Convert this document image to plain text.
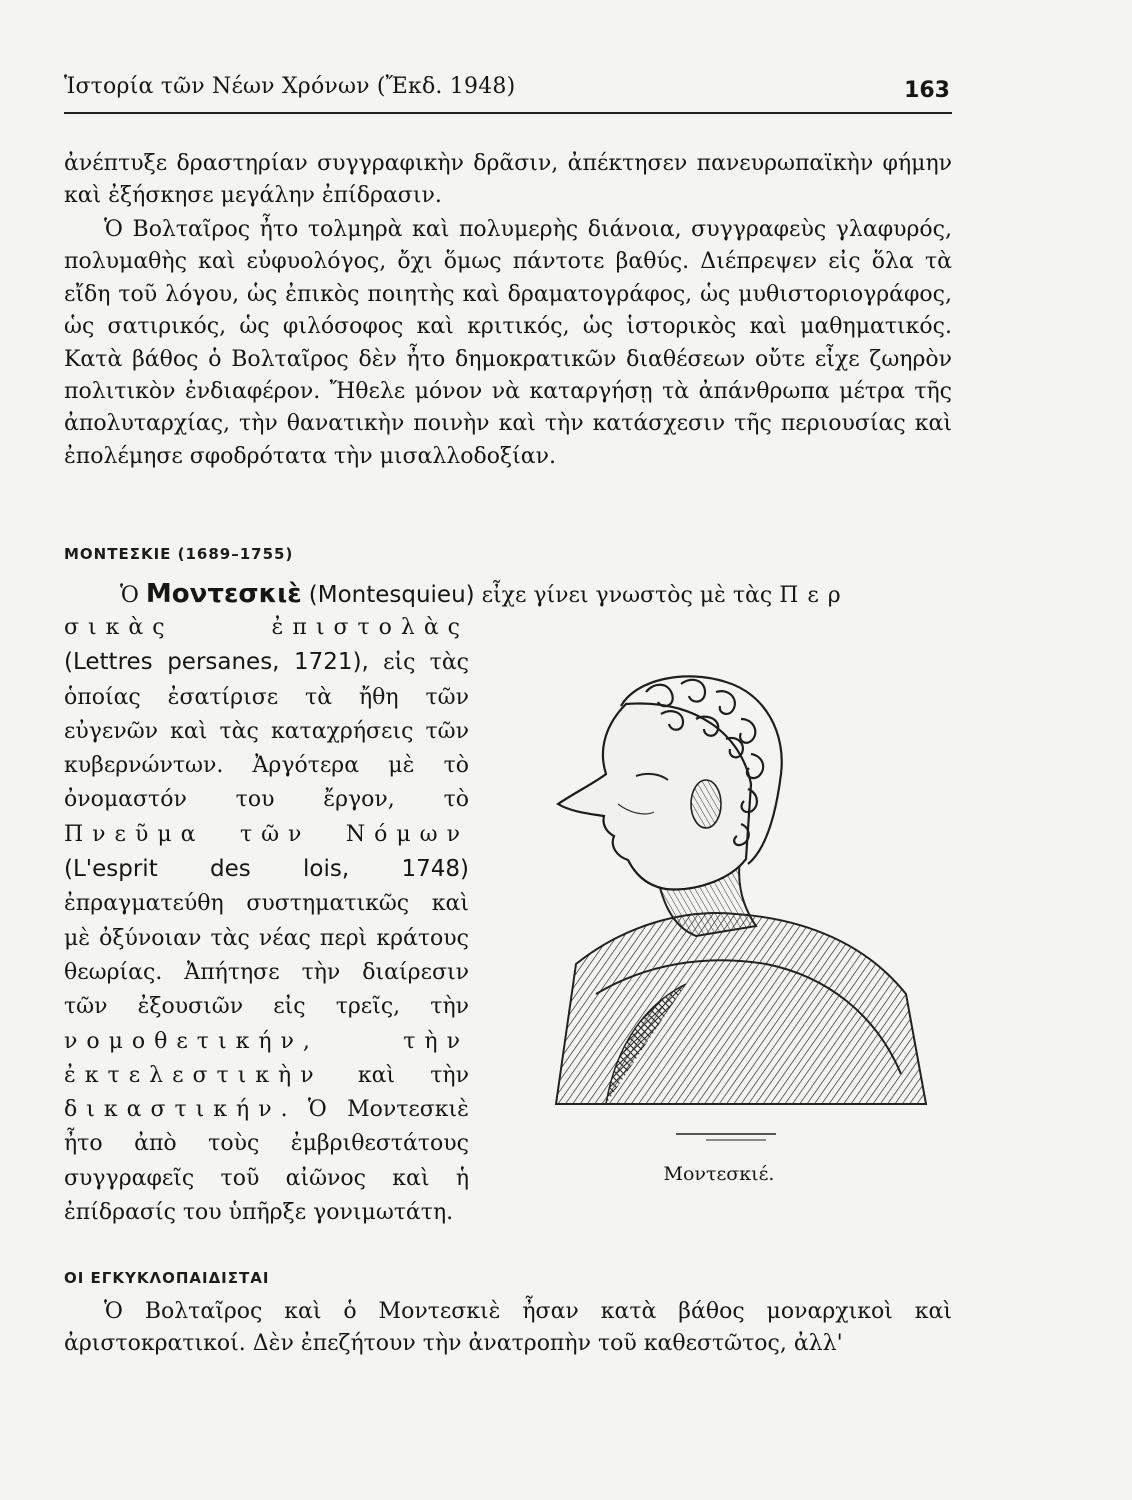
Ἱστορία τῶν Νέων Χρόνων (Ἔκδ. 1948)	163

ἀνέπτυξε δραστηρίαν συγγραφικὴν δρᾶσιν, ἀπέκτησεν πανευρωπαϊκὴν φήμην καὶ ἐξήσκησε μεγάλην ἐπίδρασιν.

Ὁ Βολταῖρος ἦτο τολμηρὰ καὶ πολυμερὴς διάνοια, συγγραφεὺς γλαφυρός, πολυμαθὴς καὶ εὐφυολόγος, ὄχι ὅμως πάντοτε βαθύς. Διέπρεψεν εἰς ὅλα τὰ εἴδη τοῦ λόγου, ὡς ἐπικὸς ποιητὴς καὶ δραματογράφος, ὡς μυθιστοριογράφος, ὡς σατιρικός, ὡς φιλόσοφος καὶ κριτικός, ὡς ἱστορικὸς καὶ μαθηματικός. Κατὰ βάθος ὁ Βολταῖρος δὲν ἦτο δημοκρατικῶν διαθέσεων οὔτε εἶχε ζωηρὸν πολιτικὸν ἐνδιαφέρον. Ἤθελε μόνον νὰ καταργήσῃ τὰ ἀπάνθρωπα μέτρα τῆς ἀπολυταρχίας, τὴν θανατικὴν ποινὴν καὶ τὴν κατάσχεσιν τῆς περιουσίας καὶ ἐπολέμησε σφοδρότατα τὴν μισαλλοδοξίαν.

ΜΟΝΤΕΣΚΙΕ (1689–1755)

Ὁ Μοντεσκιὲ (Montesquieu) εἶχε γίνει γνωστὸς μὲ τὰς Περ

σικὰς ἐπιστολὰς (Lettres persanes, 1721), εἰς τὰς ὁποίας ἐσατίρισε τὰ ἤθη τῶν εὐγενῶν καὶ τὰς καταχρήσεις τῶν κυβερνώντων. Ἀργότερα μὲ τὸ ὀνομαστόν του ἔργον, τὸ Πνεῦμα τῶν Νόμων (L'esprit des lois, 1748) ἐπραγματεύθη συστηματικῶς καὶ μὲ ὀξύνοιαν τὰς νέας περὶ κράτους θεωρίας. Ἀπήτησε τὴν διαίρεσιν τῶν ἐξουσιῶν εἰς τρεῖς, τὴν νομοθετικήν, τὴν ἐκτελεστικὴν καὶ τὴν δικαστικήν. Ὁ Μοντεσκιὲ ἦτο ἀπὸ τοὺς ἐμβριθεστάτους συγγραφεῖς τοῦ αἰῶνος καὶ ἡ ἐπίδρασίς του ὑπῆρξε γονιμωτάτη.

Μοντεσκιέ.
ΟΙ ΕΓΚΥΚΛΟΠΑΙΔΙΣΤΑΙ

Ὁ Βολταῖρος καὶ ὁ Μοντεσκιὲ ἦσαν κατὰ βάθος μοναρχικοὶ καὶ ἀριστοκρατικοί. Δὲν ἐπεζήτουν τὴν ἀνατροπὴν τοῦ καθεστῶτος, ἀλλ'
